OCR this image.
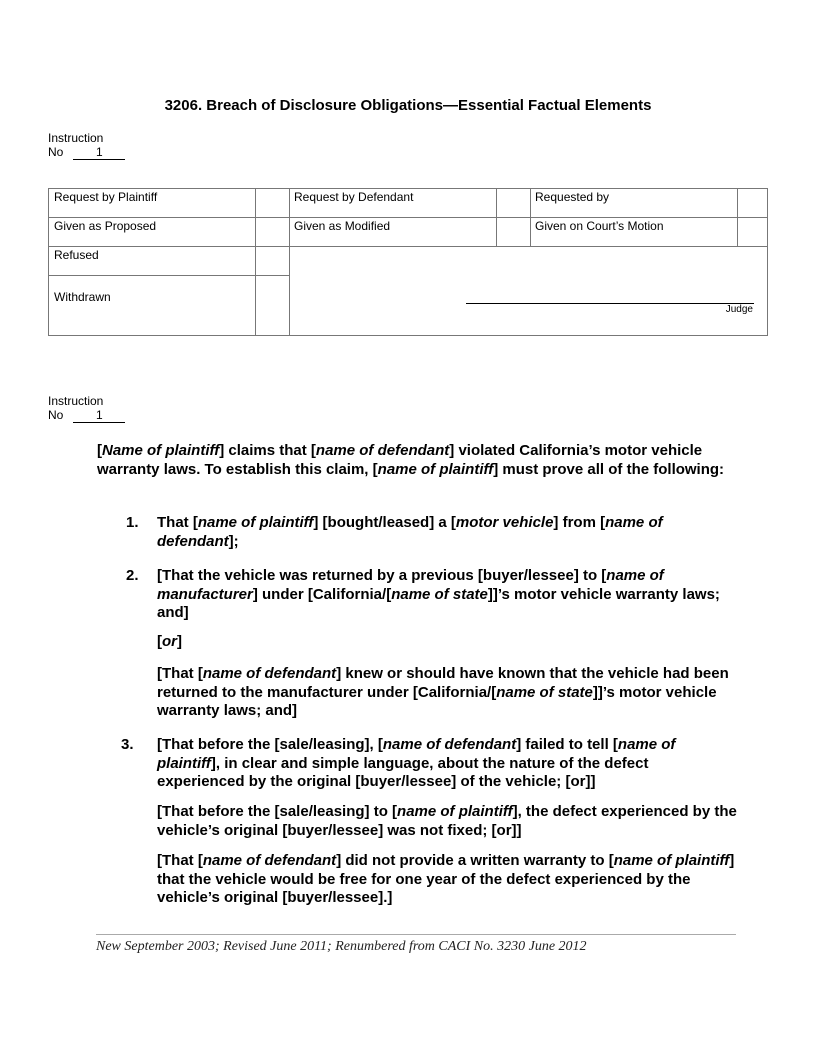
3206. Breach of Disclosure Obligations—Essential Factual Elements
Instruction
No	1
Request by Plaintiff	Request by Defendant	Requested by
Given as Proposed	Given as Modified	Given on Court’s Motion
Refused
Withdrawn
Judge
Instruction
No	1
[Name of plaintiff] claims that [name of defendant] violated California’s motor vehicle warranty laws. To establish this claim, [name of plaintiff] must prove all of the following:
1. That [name of plaintiff] [bought/leased] a [motor vehicle] from [name of defendant];
2. [That the vehicle was returned by a previous [buyer/lessee] to [name of manufacturer] under [California/[name of state]]’s motor vehicle warranty laws; and]
[or]
[That [name of defendant] knew or should have known that the vehicle had been returned to the manufacturer under [California/[name of state]]’s motor vehicle warranty laws; and]
3. [That before the [sale/leasing], [name of defendant] failed to tell [name of plaintiff], in clear and simple language, about the nature of the defect experienced by the original [buyer/lessee] of the vehicle; [or]]
[That before the [sale/leasing] to [name of plaintiff], the defect experienced by the vehicle’s original [buyer/lessee] was not fixed; [or]]
[That [name of defendant] did not provide a written warranty to [name of plaintiff] that the vehicle would be free for one year of the defect experienced by the vehicle’s original [buyer/lessee].]
New September 2003; Revised June 2011; Renumbered from CACI No. 3230 June 2012
